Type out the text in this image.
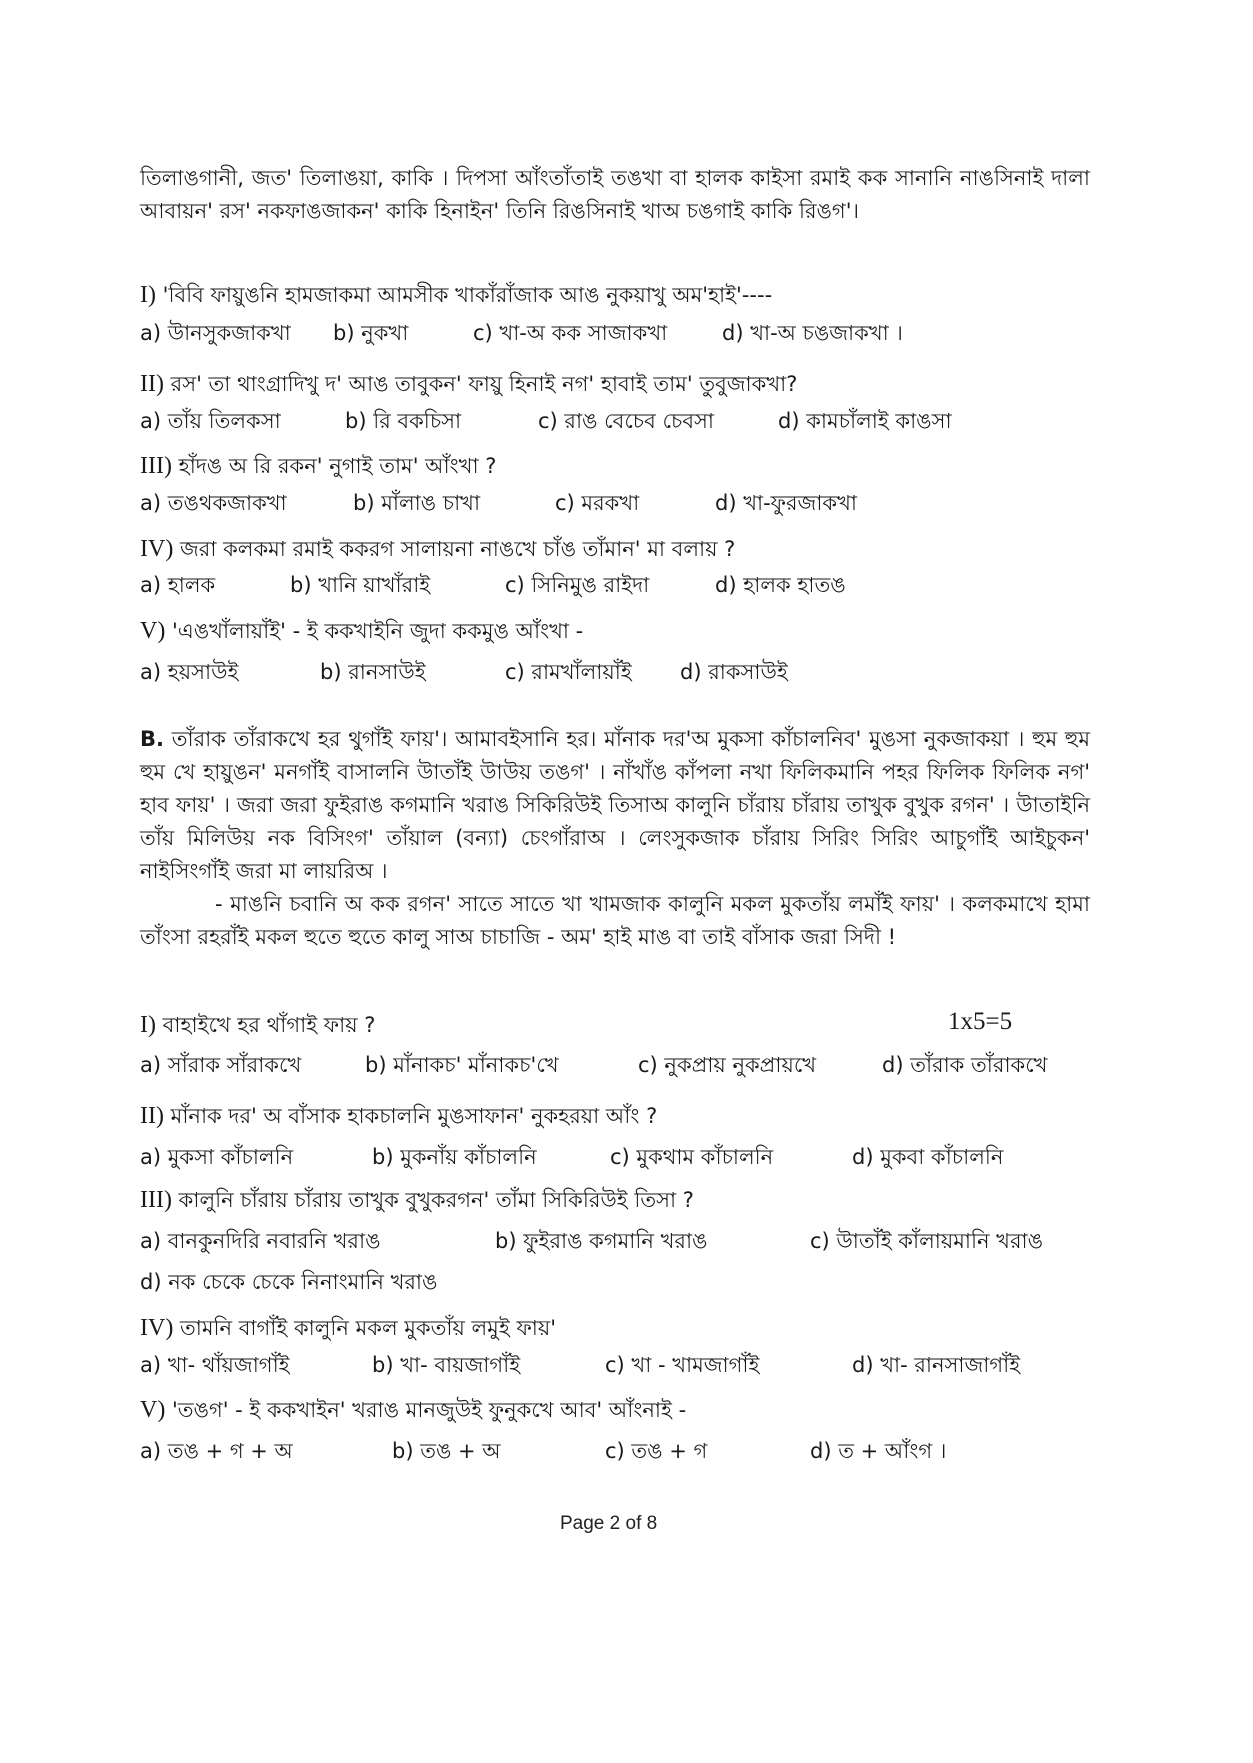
তিলাঙগানী, জত' তিলাঙয়া, কাকি । দিপসা আঁংতাঁতাই তঙখা বা হালক কাইসা রমাই কক সানানি নাঙসিনাই দালা আবায়ন' রস' নকফাঙজাকন' কাকি হিনাইন' তিনি রিঙসিনাই খাঅ চঙগাই কাকি রিঙগ'।
I) 'বিবি ফায়ুঙনি হামজাকমা আমসীক খাকাঁরাঁজাক আঙ নুকয়াখু অম'হাই'----
a) উানসুকজাকখা b) নুকখা	c) খা-অ কক সাজাকখা	d) খা-অ চঙজাকখা ।
II) রস' তা থাংগ্রাদিখু দ' আঙ তাবুকন' ফায়ু হিনাই নগ' হাবাই তাম' তুবুজাকখা?
a) তাঁয় তিলকসা	b) রি বকচিসা	c) রাঙ বেচেব চেবসা	d) কামচাঁলাই কাঙসা
III) হাঁদঙ অ রি রকন' নুগাই তাম' আঁংখা ?
a) তঙথকজাকখা	b) মাঁলাঙ চাখা	c) মরকখা	d) খা-ফুরজাকখা
IV) জরা কলকমা রমাই ককরগ সালায়না নাঙখে চাঁঙ তাঁমান' মা বলায় ?
a) হালক	b) খানি য়াখাঁরাই	c) সিনিমুঙ রাইদা	d) হালক হাতঙ
V) 'এঙখাঁলায়াঁই' - ই ককখাইনি জুদা ককমুঙ আঁংখা -
a) হয়সাউই	b) রানসাউই	c) রামখাঁলায়াঁই d) রাকসাউই
B. তাঁরাক তাঁরাকখে হর থুগাঁই ফায়'। আমাবইসানি হর। মাঁনাক দর'অ মুকসা কাঁচালনিব' মুঙসা নুকজাকয়া । হুম হুম হুম খে হায়ুঙন' মনগাঁই বাসালনি উাতাঁই উাউয় তঙগ' । নাঁখাঁঙ কাঁপলা নখা ফিলিকমানি পহর ফিলিক ফিলিক নগ' হাব ফায়' । জরা জরা ফুইরাঙ কগমানি খরাঙ সিকিরিউই তিসাঅ কালুনি চাঁরায় চাঁরায় তাখুক বুখুক রগন' । উাতাইনি তাঁয় মিলিউয় নক বিসিংগ' তাঁয়াল (বন্যা) চেংগাঁরাঅ । লেংসুকজাক চাঁরায় সিরিং সিরিং আচুগাঁই আইচুকন' নাইসিংগাঁই জরা মা লায়রিঅ ।
- মাঙনি চবানি অ কক রগন' সাতে সাতে খা খামজাক কালুনি মকল মুকতাঁয় লমাঁই ফায়' । কলকমাখে হামা তাঁংসা রহরাঁই মকল হুতে হুতে কালু সাঅ চাচাজি - অম' হাই মাঙ বা তাই বাঁসাক জরা সিদী !
1x5=5
I) বাহাইখে হর থাঁগাই ফায় ?
a) সাঁরাক সাঁরাকখে	b) মাঁনাকচ' মাঁনাকচ'খে	c) নুকপ্রায় নুকপ্রায়খে	d) তাঁরাক তাঁরাকখে
II) মাঁনাক দর' অ বাঁসাক হাকচালনি মুঙসাফান' নুকহরয়া আঁং ?
a) মুকসা কাঁচালনি	b) মুকনাঁয় কাঁচালনি	c) মুকথাম কাঁচালনি	d) মুকবা কাঁচালনি
III) কালুনি চাঁরায় চাঁরায় তাখুক বুখুকরগন' তাঁমা সিকিরিউই তিসা ?
a) বানকুনদিরি নবারনি খরাঙ	b) ফুইরাঙ কগমানি খরাঙ	c) উাতাঁই কাঁলায়মানি খরাঙ
d) নক চেকে চেকে নিনাংমানি খরাঙ
IV) তামনি বাগাঁই কালুনি মকল মুকতাঁয় লমুই ফায়'
a) খা- থাঁয়জাগাঁই	b) খা- বায়জাগাঁই	c) খা - খামজাগাঁই	d) খা- রানসাজাগাঁই
V) 'তঙগ' - ই ককখাইন' খরাঙ মানজুউই ফুনুকখে আব' আঁংনাই -
a) তঙ + গ + অ	b) তঙ + অ	c) তঙ + গ	d) ত + আঁংগ ।
Page 2 of 8
